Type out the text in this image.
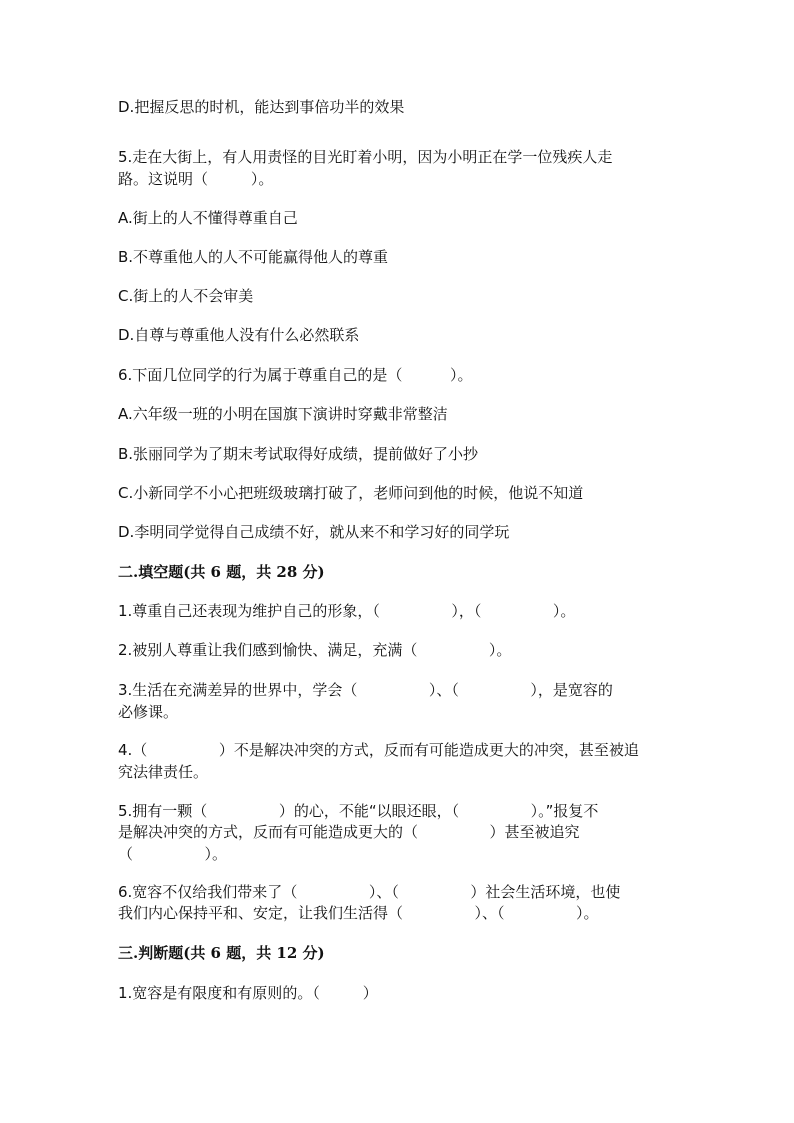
D.把握反思的时机，能达到事倍功半的效果
5.走在大街上，有人用责怪的目光盯着小明，因为小明正在学一位残疾人走
路。这说明（         ）。
A.街上的人不懂得尊重自己
B.不尊重他人的人不可能赢得他人的尊重
C.街上的人不会审美
D.自尊与尊重他人没有什么必然联系
6.下面几位同学的行为属于尊重自己的是（          ）。
A.六年级一班的小明在国旗下演讲时穿戴非常整洁
B.张丽同学为了期末考试取得好成绩，提前做好了小抄
C.小新同学不小心把班级玻璃打破了，老师问到他的时候，他说不知道
D.李明同学觉得自己成绩不好，就从来不和学习好的同学玩
二.填空题(共 6 题，共 28 分)
1.尊重自己还表现为维护自己的形象，（               ），（               ）。
2.被别人尊重让我们感到愉快、满足，充满（               ）。
3.生活在充满差异的世界中，学会（               ）、（               ），是宽容的
必修课。
4.（               ）不是解决冲突的方式，反而有可能造成更大的冲突，甚至被追
究法律责任。
5.拥有一颗（               ）的心，不能“以眼还眼，（               ）。”报复不
是解决冲突的方式，反而有可能造成更大的（               ）甚至被追究
（               ）。
6.宽容不仅给我们带来了（               ）、（               ）社会生活环境，也使
我们内心保持平和、安定，让我们生活得（               ）、（               ）。
三.判断题(共 6 题，共 12 分)
1.宽容是有限度和有原则的。（         ）
